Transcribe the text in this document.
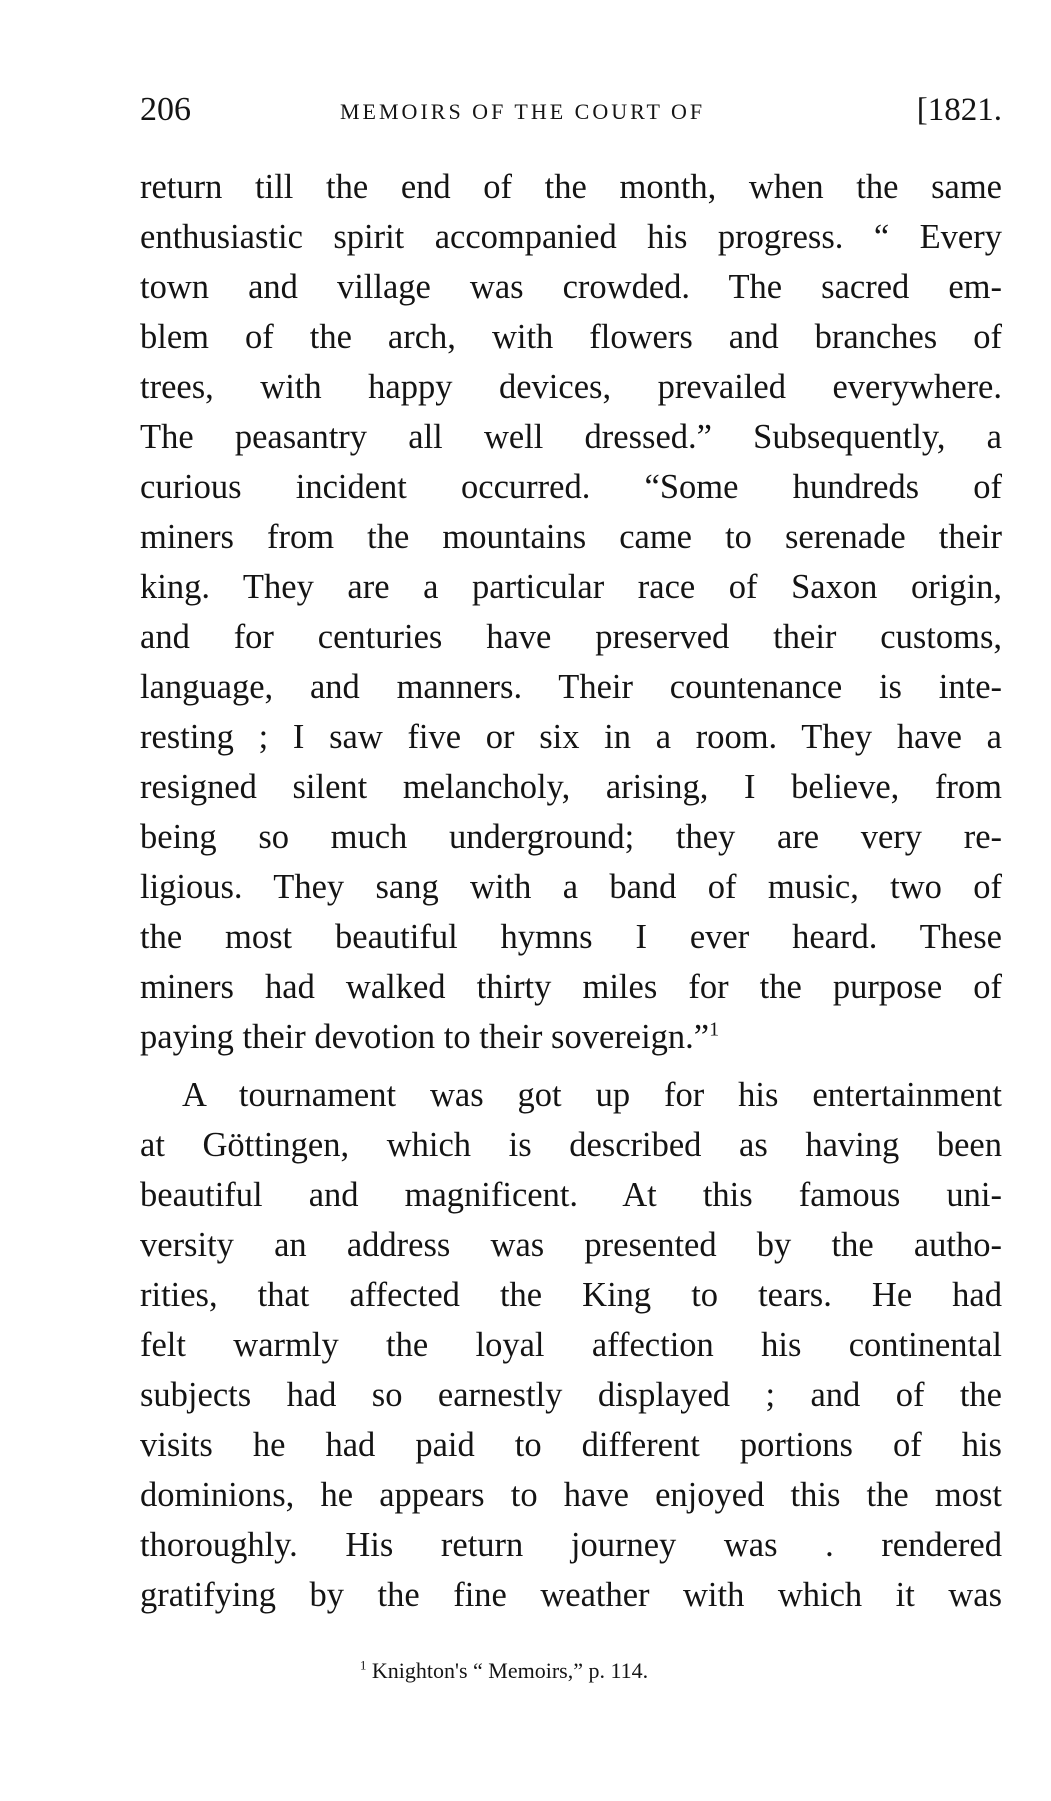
206	MEMOIRS OF THE COURT OF	[1821.
return till the end of the month, when the same
enthusiastic spirit accompanied his progress. “ Every
town and village was crowded. The sacred em-
blem of the arch, with flowers and branches of
trees, with happy devices, prevailed everywhere.
The peasantry all well dressed.” Subsequently, a
curious incident occurred. “Some hundreds of
miners from the mountains came to serenade their
king. They are a particular race of Saxon origin,
and for centuries have preserved their customs,
language, and manners. Their countenance is inte-
resting ; I saw five or six in a room. They have a
resigned silent melancholy, arising, I believe, from
being so much underground; they are very re-
ligious. They sang with a band of music, two of
the most beautiful hymns I ever heard. These
miners had walked thirty miles for the purpose of
paying their devotion to their sovereign.”$^1$
A tournament was got up for his entertainment
at Göttingen, which is described as having been
beautiful and magnificent. At this famous uni-
versity an address was presented by the autho-
rities, that affected the King to tears. He had
felt warmly the loyal affection his continental
subjects had so earnestly displayed ; and of the
visits he had paid to different portions of his
dominions, he appears to have enjoyed this the most
thoroughly. His return journey was . rendered
gratifying by the fine weather with which it was
$^1$ Knighton's “ Memoirs,” p. 114.
